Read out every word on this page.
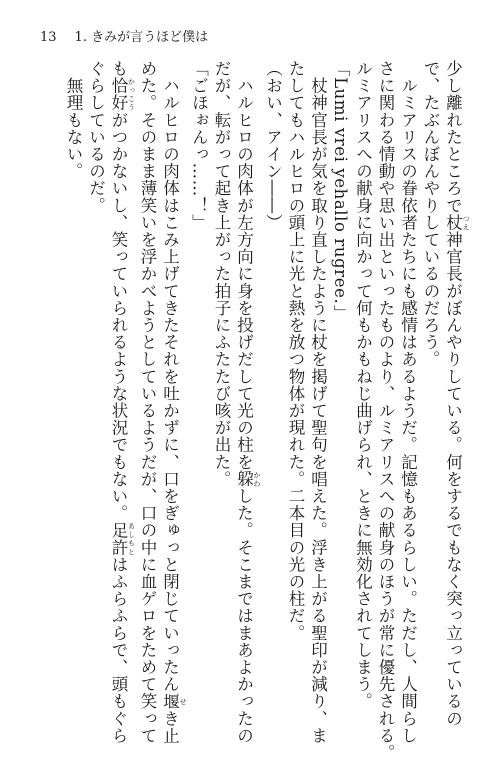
13 1. きみが言うほど僕は
少し離れたところで杖 つえ神官長がぼんやりしている。何をするでもなく突っ立っているの
で、たぶんぼんやりしているのだろう。
　ルミアリスの眷依者たちにも感情はあるようだ。記憶もあるらしい。ただし、人間らし
さに関わる情動や思い出といったものより、ルミアリスへの献身のほうが常に優先される。
ルミアリスへの献身に向かって何もかもねじ曲げられ、ときに無効化されてしまう。
「Lumi vrei yehallo rugree.」
　杖神官長が気を取り直したように杖を掲げて聖句を唱えた。浮き上がる聖印が減り、ま
たしてもハルヒロの頭上に光と熱を放つ物体が現れた。二本目の光の柱だ。
（おい、アイン――）
　ハルヒロの肉体が左方向に身を投げだして光の柱を躱 かわした。そこまではまあよかったの
だが、転がって起き上がった拍子にふたたび咳が出た。
「ごほぉんっ……！」
　ハルヒロの肉体はこみ上げてきたそれを吐かずに、口をぎゅっと閉じていったん堰 せき止
めた。そのまま薄笑いを浮かべようとしているようだが、口の中に血ゲロをためて笑って
も恰好 かっこうがつかないし、笑っていられるような状況でもない。足許 あしもとはふらふらで、頭もぐら
ぐらしているのだ。
　無理もない。
